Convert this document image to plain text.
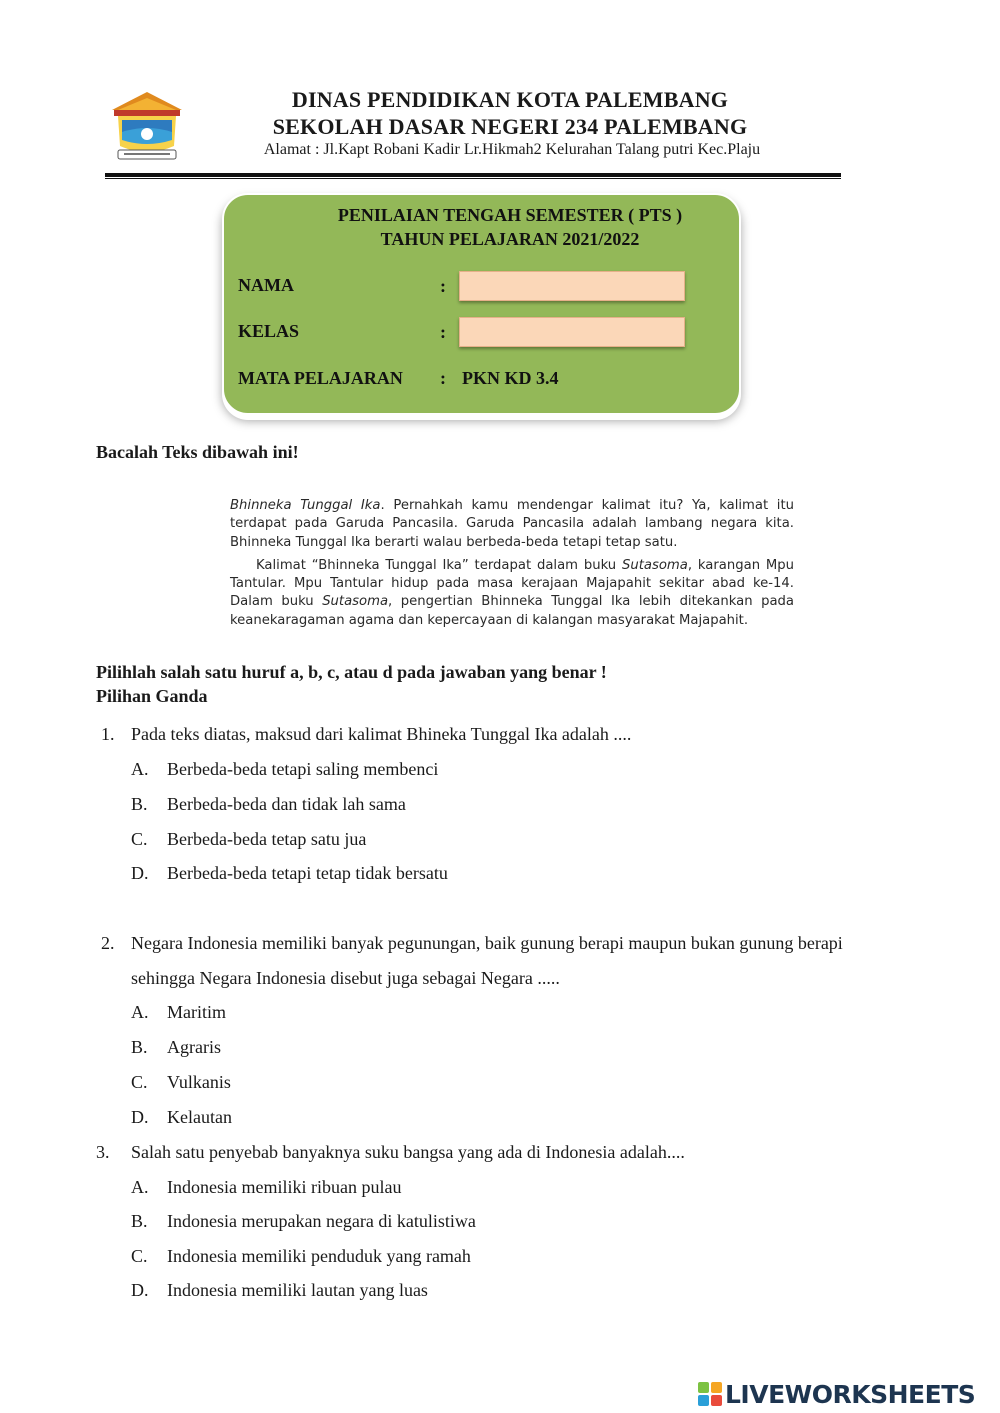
DINAS PENDIDIKAN KOTA PALEMBANG
SEKOLAH DASAR NEGERI 234 PALEMBANG
Alamat : Jl.Kapt Robani Kadir Lr.Hikmah2 Kelurahan Talang putri Kec.Plaju
PENILAIAN TENGAH SEMESTER ( PTS )
TAHUN PELAJARAN 2021/2022
NAMA	:
KELAS	:
MATA PELAJARAN : PKN KD 3.4
Bacalah Teks dibawah ini!

Bhinneka Tunggal Ika. Pernahkah kamu mendengar kalimat itu? Ya, kalimat itu terdapat pada Garuda Pancasila. Garuda Pancasila adalah lambang negara kita. Bhinneka Tunggal Ika berarti walau berbeda-beda tetapi tetap satu.

Kalimat “Bhinneka Tunggal Ika” terdapat dalam buku Sutasoma, karangan Mpu Tantular. Mpu Tantular hidup pada masa kerajaan Majapahit sekitar abad ke-14. Dalam buku Sutasoma, pengertian Bhinneka Tunggal Ika lebih ditekankan pada keanekaragaman agama dan kepercayaan di kalangan masyarakat Majapahit.

Pilihlah salah satu huruf a, b, c, atau d pada jawaban yang benar !
Pilihan Ganda
1. Pada teks diatas, maksud dari kalimat Bhineka Tunggal Ika adalah ....
A. Berbeda-beda tetapi saling membenci
B. Berbeda-beda dan tidak lah sama
C. Berbeda-beda tetap satu jua
D. Berbeda-beda tetapi tetap tidak bersatu
2. Negara Indonesia memiliki banyak pegunungan, baik gunung berapi maupun bukan gunung berapi
sehingga Negara Indonesia disebut juga sebagai Negara .....
A. Maritim
B. Agraris
C. Vulkanis
D. Kelautan
3. Salah satu penyebab banyaknya suku bangsa yang ada di Indonesia adalah....
A. Indonesia memiliki ribuan pulau
B. Indonesia merupakan negara di katulistiwa
C. Indonesia memiliki penduduk yang ramah
D. Indonesia memiliki lautan yang luas
LIVEWORKSHEETS
